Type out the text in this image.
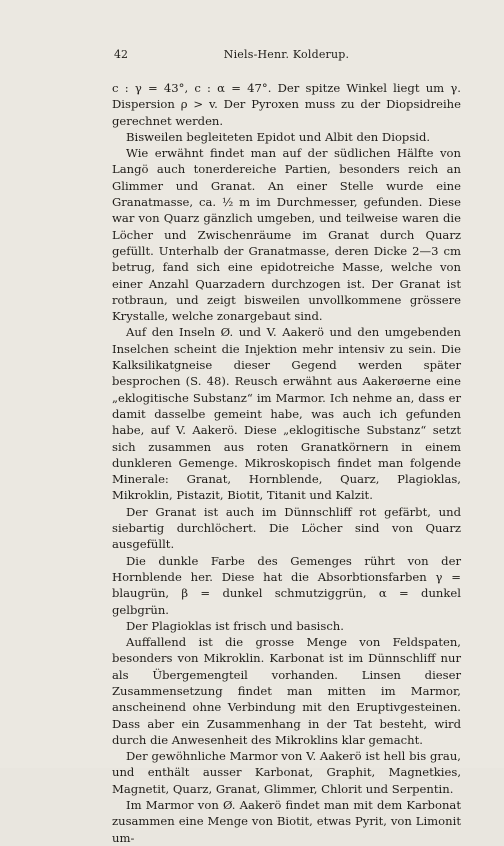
42	Niels-Henr. Kolderup.

c : γ = 43°, c : α = 47°. Der spitze Winkel liegt um γ. Dispersion ρ > v. Der Pyroxen muss zu der Diopsidreihe gerechnet werden.

Bisweilen begleiteten Epidot und Albit den Diopsid.

Wie erwähnt findet man auf der südlichen Hälfte von Langö auch tonerdereiche Partien, besonders reich an Glimmer und Granat. An einer Stelle wurde eine Granatmasse, ca. ½ m im Durchmesser, gefunden. Diese war von Quarz gänzlich umgeben, und teilweise waren die Löcher und Zwischenräume im Granat durch Quarz gefüllt. Unterhalb der Granatmasse, deren Dicke 2—3 cm betrug, fand sich eine epidotreiche Masse, welche von einer Anzahl Quarzadern durchzogen ist. Der Granat ist rotbraun, und zeigt bisweilen unvollkommene grössere Krystalle, welche zonargebaut sind.

Auf den Inseln Ø. und V. Aakerö und den umgebenden Inselchen scheint die Injektion mehr intensiv zu sein. Die Kalksilikatgneise dieser Gegend werden später besprochen (S. 48). Reusch erwähnt aus Aakerøerne eine „eklogitische Substanz“ im Marmor. Ich nehme an, dass er damit dasselbe gemeint habe, was auch ich gefunden habe, auf V. Aakerö. Diese „eklogitische Substanz“ setzt sich zusammen aus roten Granatkörnern in einem dunkleren Gemenge. Mikroskopisch findet man folgende Minerale: Granat, Hornblende, Quarz, Plagioklas, Mikroklin, Pistazit, Biotit, Titanit und Kalzit.

Der Granat ist auch im Dünnschliff rot gefärbt, und siebartig durchlöchert. Die Löcher sind von Quarz ausgefüllt.

Die dunkle Farbe des Gemenges rührt von der Hornblende her. Diese hat die Absorbtionsfarben γ = blaugrün, β = dunkel schmutziggrün, α = dunkel gelbgrün.

Der Plagioklas ist frisch und basisch.

Auffallend ist die grosse Menge von Feldspaten, besonders von Mikroklin. Karbonat ist im Dünnschliff nur als Übergemengteil vorhanden. Linsen dieser Zusammensetzung findet man mitten im Marmor, anscheinend ohne Verbindung mit den Eruptivgesteinen. Dass aber ein Zusammenhang in der Tat besteht, wird durch die Anwesenheit des Mikroklins klar gemacht.

Der gewöhnliche Marmor von V. Aakerö ist hell bis grau, und enthält ausser Karbonat, Graphit, Magnetkies, Magnetit, Quarz, Granat, Glimmer, Chlorit und Serpentin.

Im Marmor von Ø. Aakerö findet man mit dem Karbonat zusammen eine Menge von Biotit, etwas Pyrit, von Limonit um-
